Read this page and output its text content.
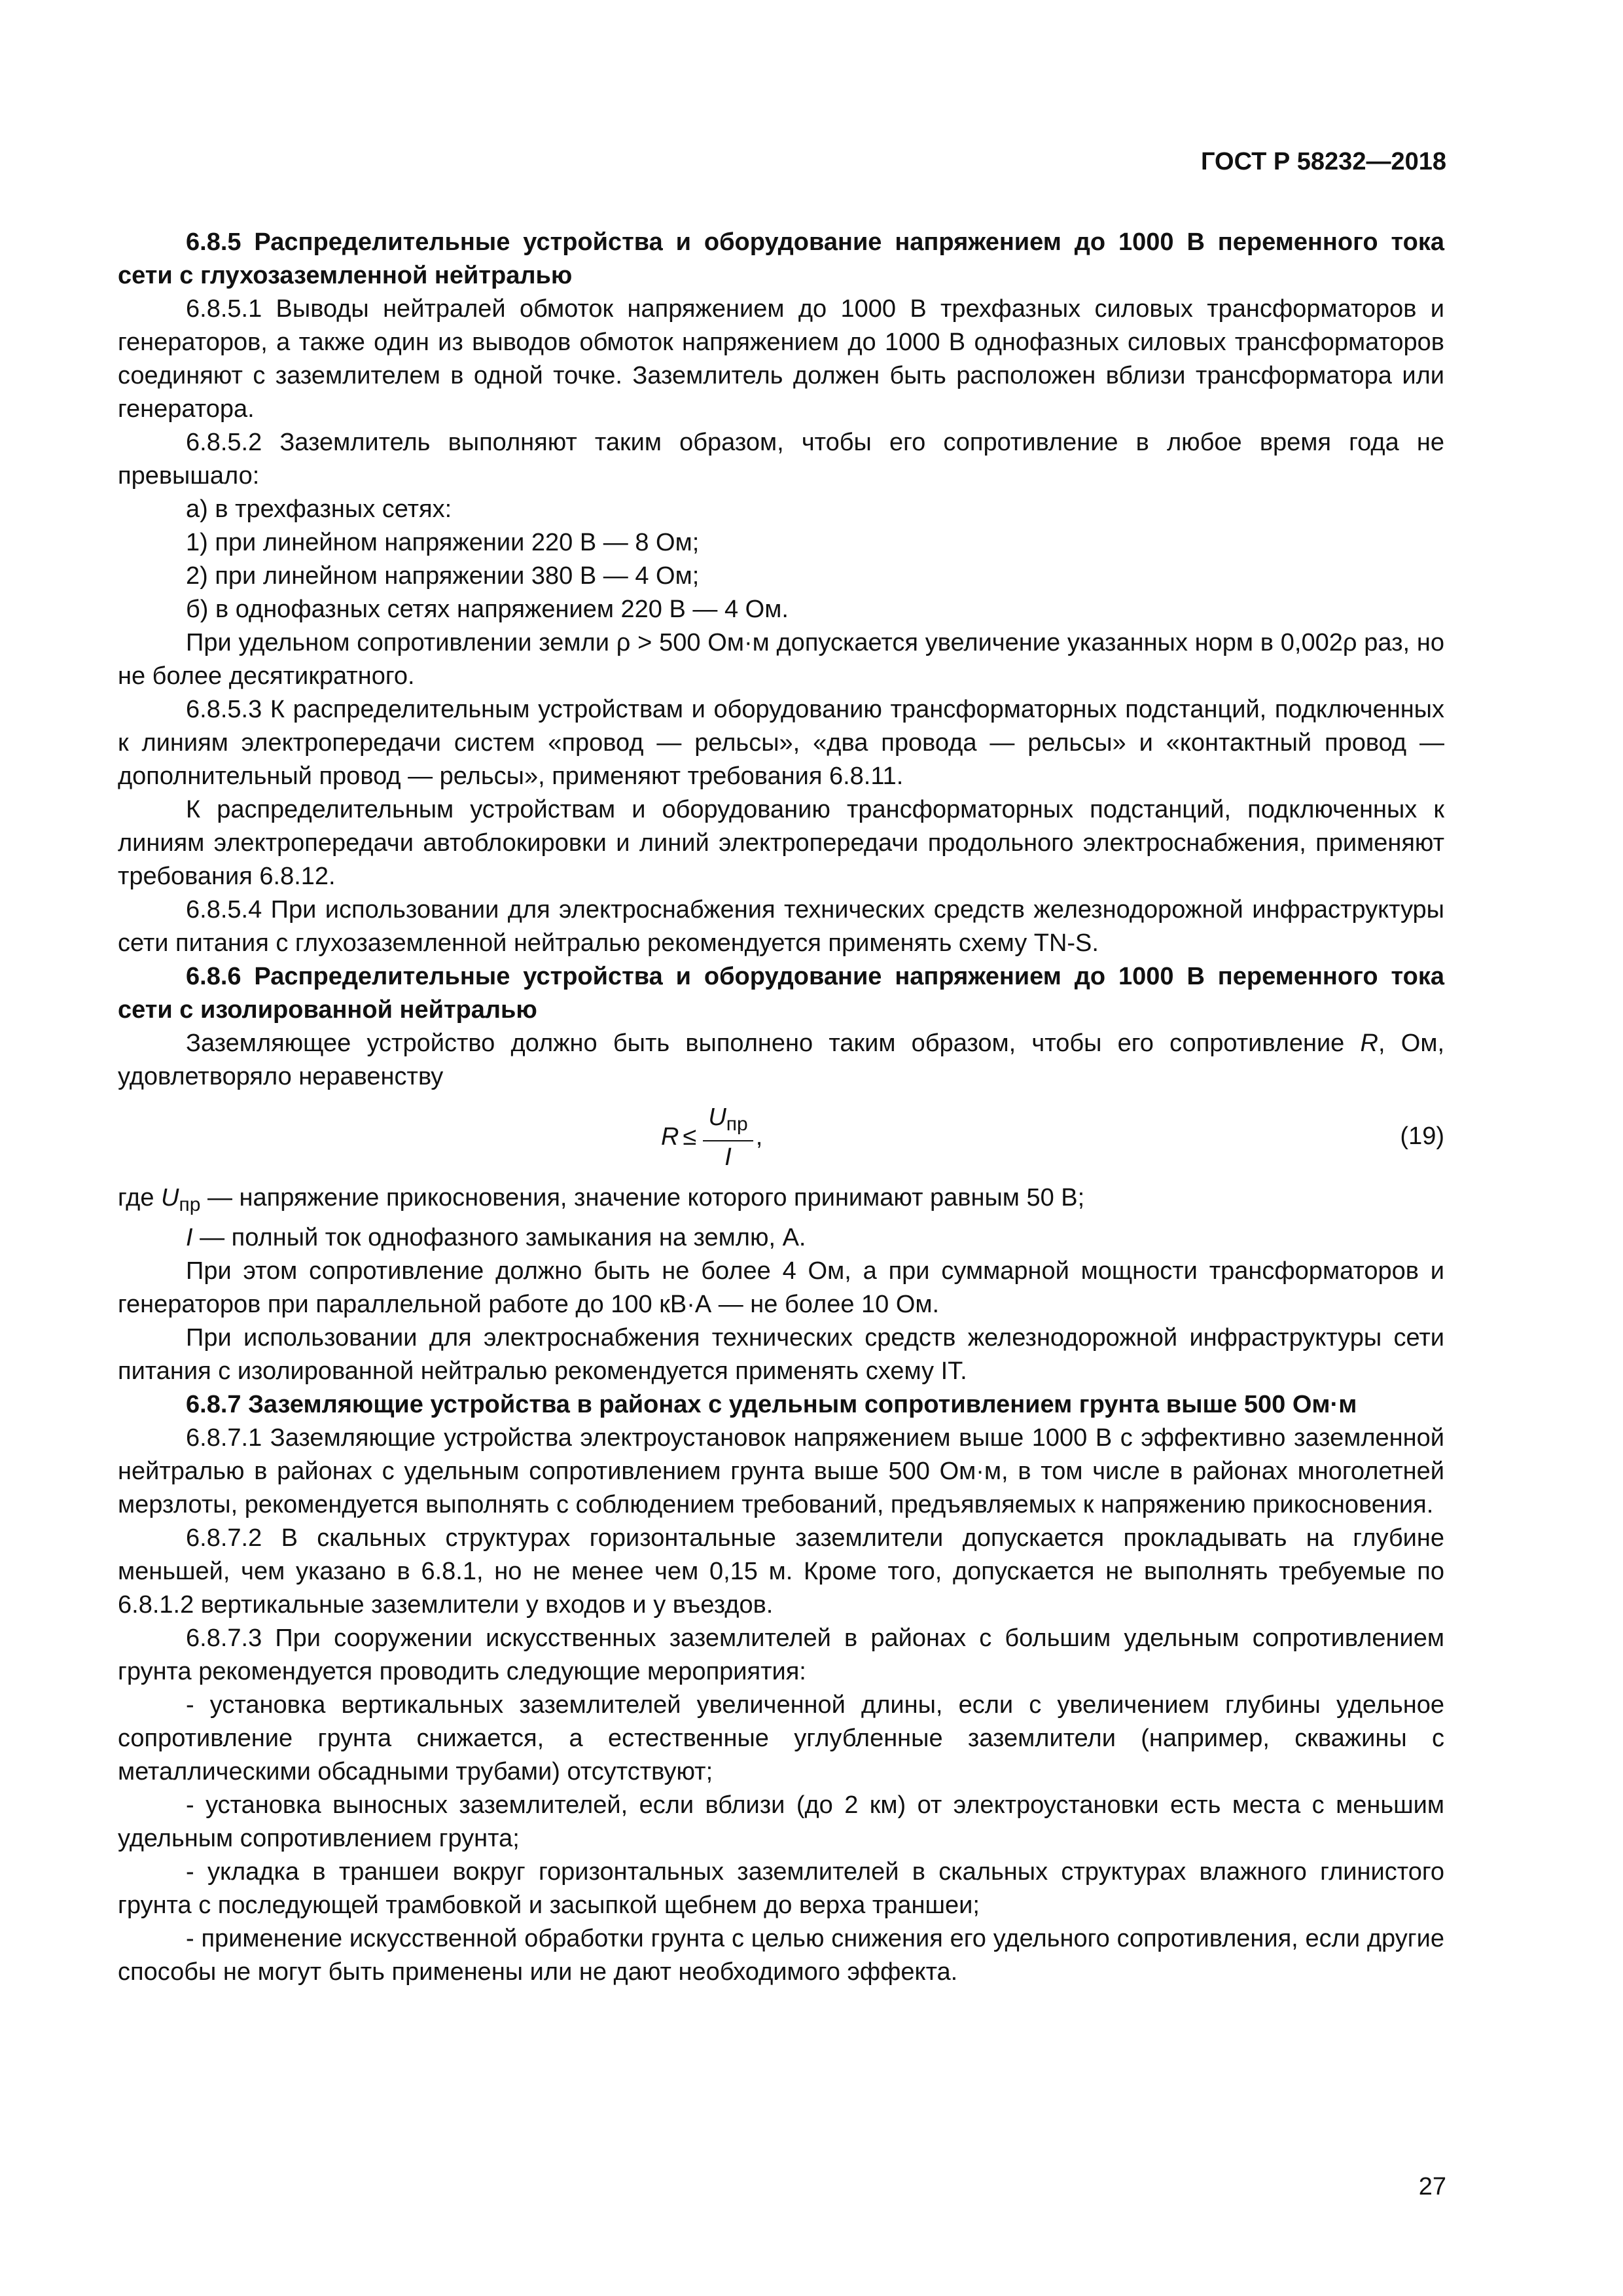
ГОСТ Р 58232—2018

6.8.5 Распределительные устройства и оборудование напряжением до 1000 В переменного тока сети с глухозаземленной нейтралью

6.8.5.1 Выводы нейтралей обмоток напряжением до 1000 В трехфазных силовых трансформаторов и генераторов, а также один из выводов обмоток напряжением до 1000 В однофазных силовых трансформаторов соединяют с заземлителем в одной точке. Заземлитель должен быть расположен вблизи трансформатора или генератора.

6.8.5.2 Заземлитель выполняют таким образом, чтобы его сопротивление в любое время года не превышало:

а) в трехфазных сетях:

1) при линейном напряжении 220 В — 8 Ом;

2) при линейном напряжении 380 В — 4 Ом;

б) в однофазных сетях напряжением 220 В — 4 Ом.

При удельном сопротивлении земли ρ > 500 Ом·м допускается увеличение указанных норм в 0,002ρ раз, но не более десятикратного.

6.8.5.3 К распределительным устройствам и оборудованию трансформаторных подстанций, подключенных к линиям электропередачи систем «провод — рельсы», «два провода — рельсы» и «контактный провод — дополнительный провод — рельсы», применяют требования 6.8.11.

К распределительным устройствам и оборудованию трансформаторных подстанций, подключенных к линиям электропередачи автоблокировки и линий электропередачи продольного электроснабжения, применяют требования 6.8.12.

6.8.5.4 При использовании для электроснабжения технических средств железнодорожной инфраструктуры сети питания с глухозаземленной нейтралью рекомендуется применять схему TN-S.

6.8.6 Распределительные устройства и оборудование напряжением до 1000 В переменного тока сети с изолированной нейтралью

Заземляющее устройство должно быть выполнено таким образом, чтобы его сопротивление R, Ом, удовлетворяло неравенству

$R \le \frac{U_{пр}}{I}$ ,	(19)

где $U_{пр}$ — напряжение прикосновения, значение которого принимают равным 50 В;

I — полный ток однофазного замыкания на землю, А.

При этом сопротивление должно быть не более 4 Ом, а при суммарной мощности трансформаторов и генераторов при параллельной работе до 100 кВ·А — не более 10 Ом.

При использовании для электроснабжения технических средств железнодорожной инфраструктуры сети питания с изолированной нейтралью рекомендуется применять схему IT.

6.8.7 Заземляющие устройства в районах с удельным сопротивлением грунта выше 500 Ом·м

6.8.7.1 Заземляющие устройства электроустановок напряжением выше 1000 В с эффективно заземленной нейтралью в районах с удельным сопротивлением грунта выше 500 Ом·м, в том числе в районах многолетней мерзлоты, рекомендуется выполнять с соблюдением требований, предъявляемых к напряжению прикосновения.

6.8.7.2 В скальных структурах горизонтальные заземлители допускается прокладывать на глубине меньшей, чем указано в 6.8.1, но не менее чем 0,15 м. Кроме того, допускается не выполнять требуемые по 6.8.1.2 вертикальные заземлители у входов и у въездов.

6.8.7.3 При сооружении искусственных заземлителей в районах с большим удельным сопротивлением грунта рекомендуется проводить следующие мероприятия:

- установка вертикальных заземлителей увеличенной длины, если с увеличением глубины удельное сопротивление грунта снижается, а естественные углубленные заземлители (например, скважины с металлическими обсадными трубами) отсутствуют;

- установка выносных заземлителей, если вблизи (до 2 км) от электроустановки есть места с меньшим удельным сопротивлением грунта;

- укладка в траншеи вокруг горизонтальных заземлителей в скальных структурах влажного глинистого грунта с последующей трамбовкой и засыпкой щебнем до верха траншеи;

- применение искусственной обработки грунта с целью снижения его удельного сопротивления, если другие способы не могут быть применены или не дают необходимого эффекта.

27
